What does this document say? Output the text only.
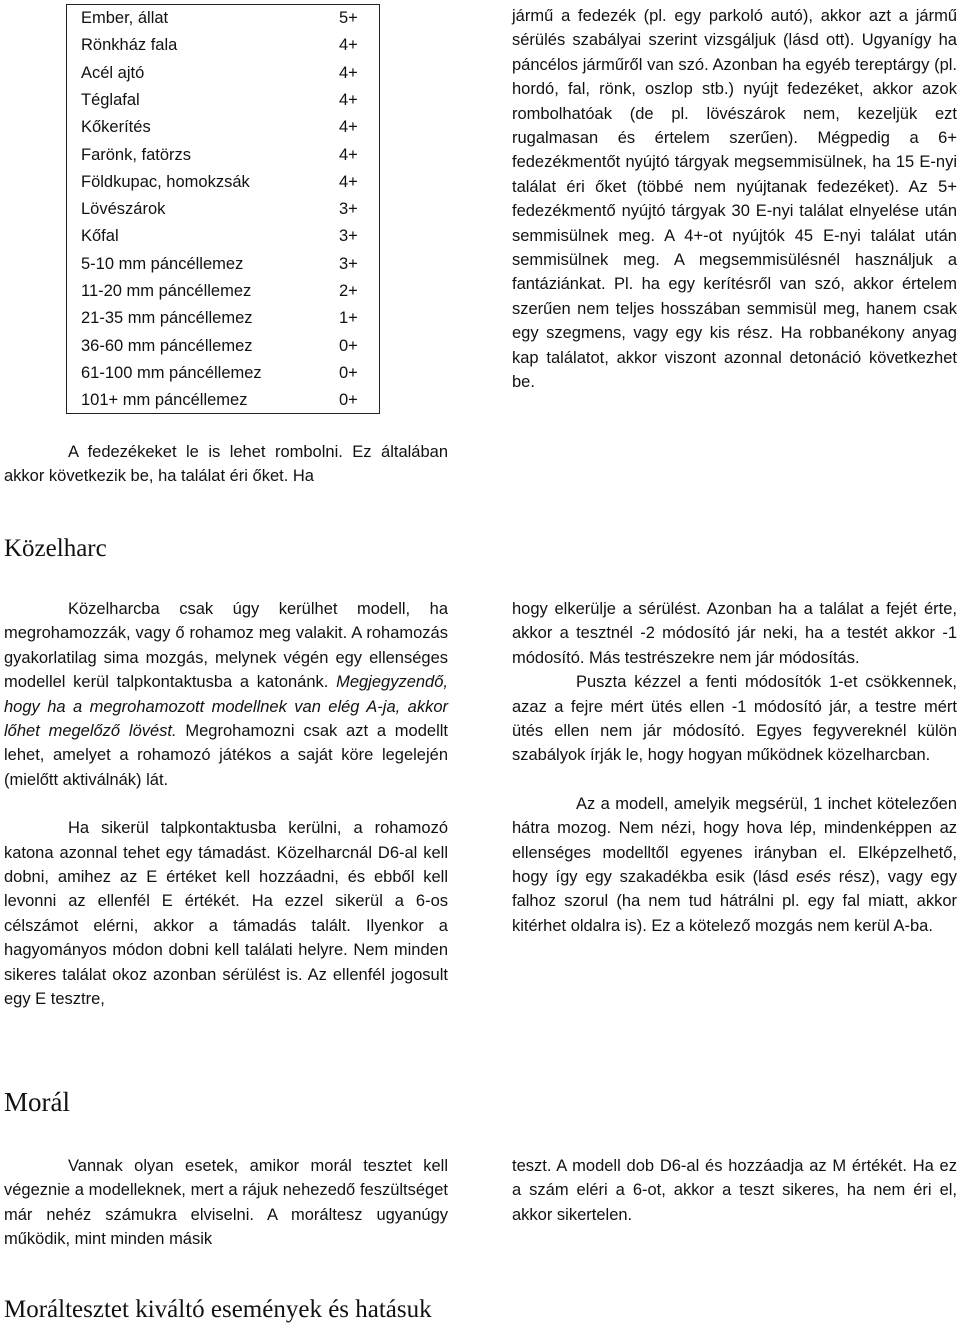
Ember, állat	5+
Rönkház fala	4+
Acél ajtó	4+
Téglafal	4+
Kőkerítés	4+
Farönk, fatörzs	4+
Földkupac, homokzsák	4+
Lövészárok	3+
Kőfal	3+
5-10 mm páncéllemez	3+
11-20 mm páncéllemez	2+
21-35 mm páncéllemez	1+
36-60 mm páncéllemez	0+
61-100 mm páncéllemez	0+
101+ mm páncéllemez	0+

A fedezékeket le is lehet rombolni. Ez általában akkor következik be, ha találat éri őket. Ha

jármű a fedezék (pl. egy parkoló autó), akkor azt a jármű sérülés szabályai szerint vizsgáljuk (lásd ott). Ugyanígy ha páncélos járműről van szó. Azonban ha egyéb tereptárgy (pl. hordó, fal, rönk, oszlop stb.) nyújt fedezéket, akkor azok rombolhatóak (de pl. lövészárok nem, kezeljük ezt rugalmasan és értelem szerűen). Mégpedig a 6+ fedezékmentőt nyújtó tárgyak megsemmisülnek, ha 15 E-nyi találat éri őket (többé nem nyújtanak fedezéket). Az 5+ fedezékmentő nyújtó tárgyak 30 E-nyi találat elnyelése után semmisülnek meg. A 4+-ot nyújtók 45 E-nyi találat után semmisülnek meg. A megsemmisülésnél használjuk a fantáziánkat. Pl. ha egy kerítésről van szó, akkor értelem szerűen nem teljes hosszában semmisül meg, hanem csak egy szegmens, vagy egy kis rész. Ha robbanékony anyag kap találatot, akkor viszont azonnal detonáció következhet be.

Közelharc

Közelharcba csak úgy kerülhet modell, ha megrohamozzák, vagy ő rohamoz meg valakit. A rohamozás gyakorlatilag sima mozgás, melynek végén egy ellenséges modellel kerül talpkontaktusba a katonánk. Megjegyzendő, hogy ha a megrohamozott modellnek van elég A-ja, akkor lőhet megelőző lövést. Megrohamozni csak azt a modellt lehet, amelyet a rohamozó játékos a saját köre legelején (mielőtt aktiválnák) lát.

Ha sikerül talpkontaktusba kerülni, a rohamozó katona azonnal tehet egy támadást. Közelharcnál D6-al kell dobni, amihez az E értéket kell hozzáadni, és ebből kell levonni az ellenfél E értékét. Ha ezzel sikerül a 6-os célszámot elérni, akkor a támadás talált. Ilyenkor a hagyományos módon dobni kell találati helyre. Nem minden sikeres találat okoz azonban sérülést is. Az ellenfél jogosult egy E tesztre,

hogy elkerülje a sérülést. Azonban ha a találat a fejét érte, akkor a tesztnél -2 módosító jár neki, ha a testét akkor -1 módosító. Más testrészekre nem jár módosítás.

Puszta kézzel a fenti módosítók 1-et csökkennek, azaz a fejre mért ütés ellen -1 módosító jár, a testre mért ütés ellen nem jár módosító. Egyes fegyvereknél külön szabályok írják le, hogy hogyan működnek közelharcban.

Az a modell, amelyik megsérül, 1 inchet kötelezően hátra mozog. Nem nézi, hogy hova lép, mindenképpen az ellenséges modelltől egyenes irányban el. Elképzelhető, hogy így egy szakadékba esik (lásd esés rész), vagy egy falhoz szorul (ha nem tud hátrálni pl. egy fal miatt, akkor kitérhet oldalra is). Ez a kötelező mozgás nem kerül A-ba.

Morál

Vannak olyan esetek, amikor morál tesztet kell végeznie a modelleknek, mert a rájuk nehezedő feszültséget már nehéz számukra elviselni. A moráltesz ugyanúgy működik, mint minden másik

teszt. A modell dob D6-al és hozzáadja az M értékét. Ha ez a szám eléri a 6-ot, akkor a teszt sikeres, ha nem éri el, akkor sikertelen.

Moráltesztet kiváltó események és hatásuk
